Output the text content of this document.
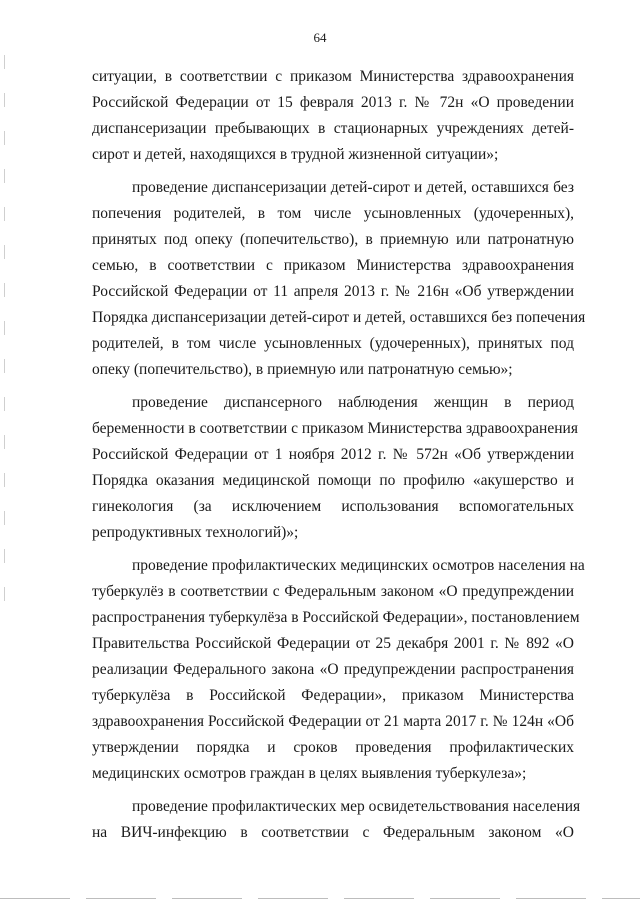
64
ситуации, в соответствии с приказом Министерства здравоохранения
Российской Федерации от 15 февраля 2013 г. № 72н «О проведении
диспансеризации пребывающих в стационарных учреждениях детей-
сирот и детей, находящихся в трудной жизненной ситуации»;
проведение диспансеризации детей-сирот и детей, оставшихся без
попечения родителей, в том числе усыновленных (удочеренных),
принятых под опеку (попечительство), в приемную или патронатную
семью, в соответствии с приказом Министерства здравоохранения
Российской Федерации от 11 апреля 2013 г. № 216н «Об утверждении
Порядка диспансеризации детей-сирот и детей, оставшихся без попечения
родителей, в том числе усыновленных (удочеренных), принятых под
опеку (попечительство), в приемную или патронатную семью»;
проведение диспансерного наблюдения женщин в период
беременности в соответствии с приказом Министерства здравоохранения
Российской Федерации от 1 ноября 2012 г. № 572н «Об утверждении
Порядка оказания медицинской помощи по профилю «акушерство и
гинекология (за исключением использования вспомогательных
репродуктивных технологий)»;
проведение профилактических медицинских осмотров населения на
туберкулёз в соответствии с Федеральным законом «О предупреждении
распространения туберкулёза в Российской Федерации», постановлением
Правительства Российской Федерации от 25 декабря 2001 г. № 892 «О
реализации Федерального закона «О предупреждении распространения
туберкулёза в Российской Федерации», приказом Министерства
здравоохранения Российской Федерации от 21 марта 2017 г. № 124н «Об
утверждении порядка и сроков проведения профилактических
медицинских осмотров граждан в целях выявления туберкулеза»;
проведение профилактических мер освидетельствования населения
на ВИЧ-инфекцию в соответствии с Федеральным законом «О
